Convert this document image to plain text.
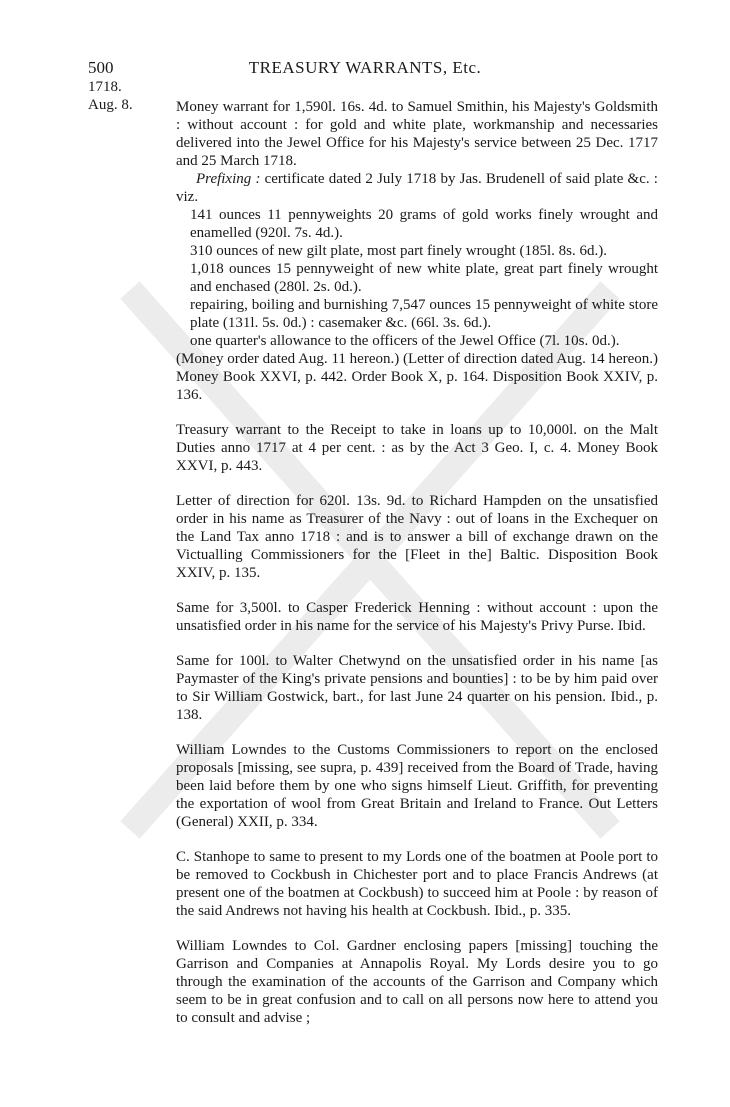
500	TREASURY WARRANTS, Etc.
1718.
Aug. 8.	Money warrant for 1,590l. 16s. 4d. to Samuel Smithin, his Majesty's Goldsmith : without account : for gold and white plate, workmanship and necessaries delivered into the Jewel Office for his Majesty's service between 25 Dec. 1717 and 25 March 1718.

Prefixing : certificate dated 2 July 1718 by Jas. Brudenell of said plate &c. : viz.

141 ounces 11 pennyweights 20 grams of gold works finely wrought and enamelled (920l. 7s. 4d.).

310 ounces of new gilt plate, most part finely wrought (185l. 8s. 6d.).

1,018 ounces 15 pennyweight of new white plate, great part finely wrought and enchased (280l. 2s. 0d.).

repairing, boiling and burnishing 7,547 ounces 15 pennyweight of white store plate (131l. 5s. 0d.) : casemaker &c. (66l. 3s. 6d.).

one quarter's allowance to the officers of the Jewel Office (7l. 10s. 0d.).

(Money order dated Aug. 11 hereon.) (Letter of direction dated Aug. 14 hereon.) Money Book XXVI, p. 442. Order Book X, p. 164. Disposition Book XXIV, p. 136.

Treasury warrant to the Receipt to take in loans up to 10,000l. on the Malt Duties anno 1717 at 4 per cent. : as by the Act 3 Geo. I, c. 4. Money Book XXVI, p. 443.

Letter of direction for 620l. 13s. 9d. to Richard Hampden on the unsatisfied order in his name as Treasurer of the Navy : out of loans in the Exchequer on the Land Tax anno 1718 : and is to answer a bill of exchange drawn on the Victualling Commissioners for the [Fleet in the] Baltic. Disposition Book XXIV, p. 135.

Same for 3,500l. to Casper Frederick Henning : without account : upon the unsatisfied order in his name for the service of his Majesty's Privy Purse. Ibid.

Same for 100l. to Walter Chetwynd on the unsatisfied order in his name [as Paymaster of the King's private pensions and bounties] : to be by him paid over to Sir William Gostwick, bart., for last June 24 quarter on his pension. Ibid., p. 138.

William Lowndes to the Customs Commissioners to report on the enclosed proposals [missing, see supra, p. 439] received from the Board of Trade, having been laid before them by one who signs himself Lieut. Griffith, for preventing the exportation of wool from Great Britain and Ireland to France. Out Letters (General) XXII, p. 334.

C. Stanhope to same to present to my Lords one of the boatmen at Poole port to be removed to Cockbush in Chichester port and to place Francis Andrews (at present one of the boatmen at Cockbush) to succeed him at Poole : by reason of the said Andrews not having his health at Cockbush. Ibid., p. 335.

William Lowndes to Col. Gardner enclosing papers [missing] touching the Garrison and Companies at Annapolis Royal. My Lords desire you to go through the examination of the accounts of the Garrison and Company which seem to be in great confusion and to call on all persons now here to attend you to consult and advise ;
